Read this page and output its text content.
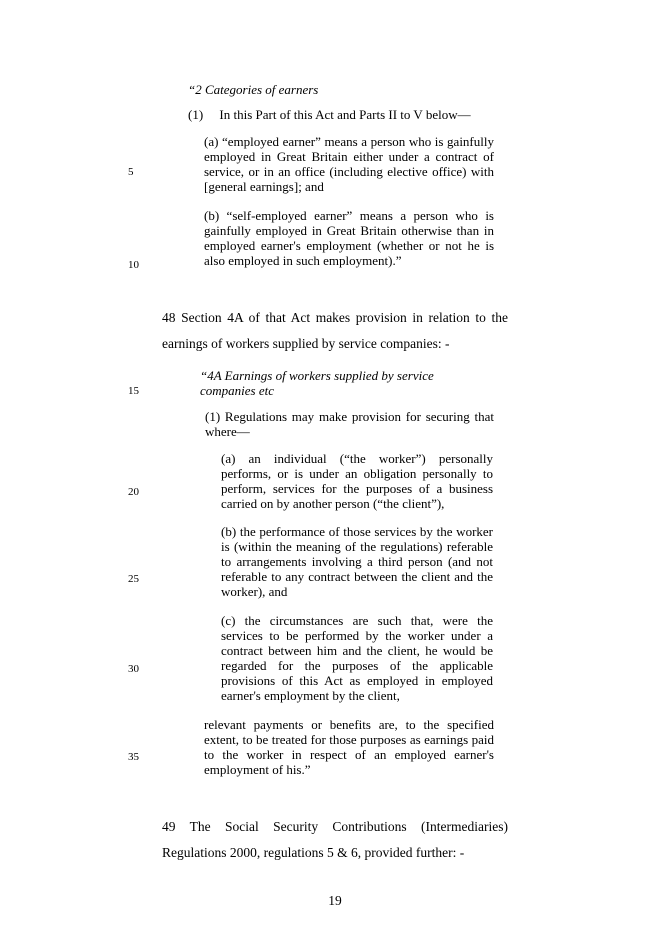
5
10
15
20
25
30
35
“2 Categories of earners
(1)     In this Part of this Act and Parts II to V below—
(a) “employed earner” means a person who is gainfully employed in Great Britain either under a contract of service, or in an office (including elective office) with [general earnings]; and
(b) “self-employed earner” means a person who is gainfully employed in Great Britain otherwise than in employed earner's employment (whether or not he is also employed in such employment).”
48 Section 4A of that Act makes provision in relation to the earnings of workers supplied by service companies: -
“4A Earnings of workers supplied by service companies etc
(1) Regulations may make provision for securing that where—
(a) an individual (“the worker”) personally performs, or is under an obligation personally to perform, services for the purposes of a business carried on by another person (“the client”),
(b) the performance of those services by the worker is (within the meaning of the regulations) referable to arrangements involving a third person (and not referable to any contract between the client and the worker), and
(c) the circumstances are such that, were the services to be performed by the worker under a contract between him and the client, he would be regarded for the purposes of the applicable provisions of this Act as employed in employed earner's employment by the client,
relevant payments or benefits are, to the specified extent, to be treated for those purposes as earnings paid to the worker in respect of an employed earner's employment of his.”
49 The Social Security Contributions (Intermediaries) Regulations 2000, regulations 5 & 6, provided further: -
19
